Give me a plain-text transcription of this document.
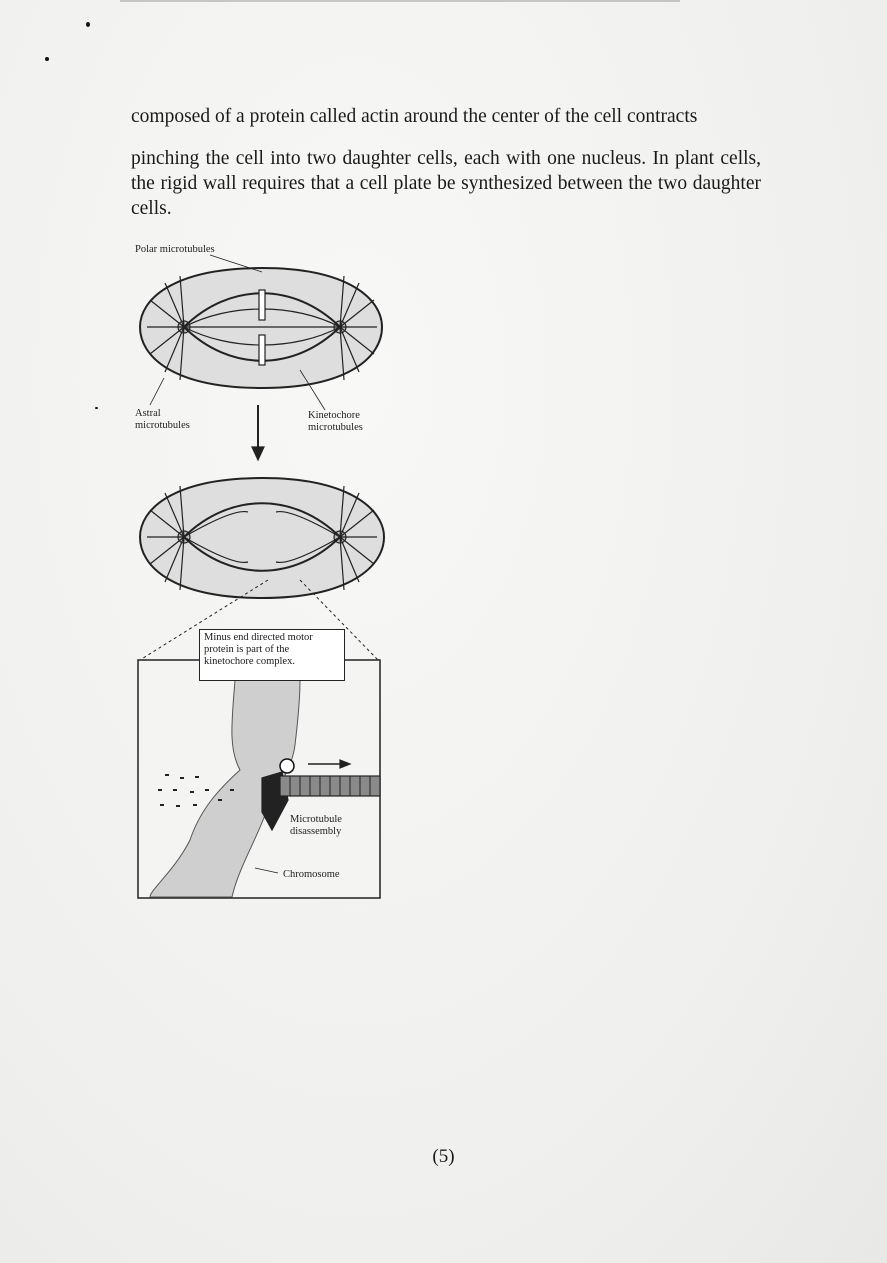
composed of a protein called actin around the center of the cell contracts

pinching the cell into two daughter cells, each with one nucleus. In plant cells, the rigid wall requires that a cell plate be synthesized between the two daughter cells.

Polar microtubules

Astral
microtubules

Kinetochore
microtubules

Minus end directed motor protein is part of the kinetochore complex.

Microtubule
disassembly

Chromosome

(5)
